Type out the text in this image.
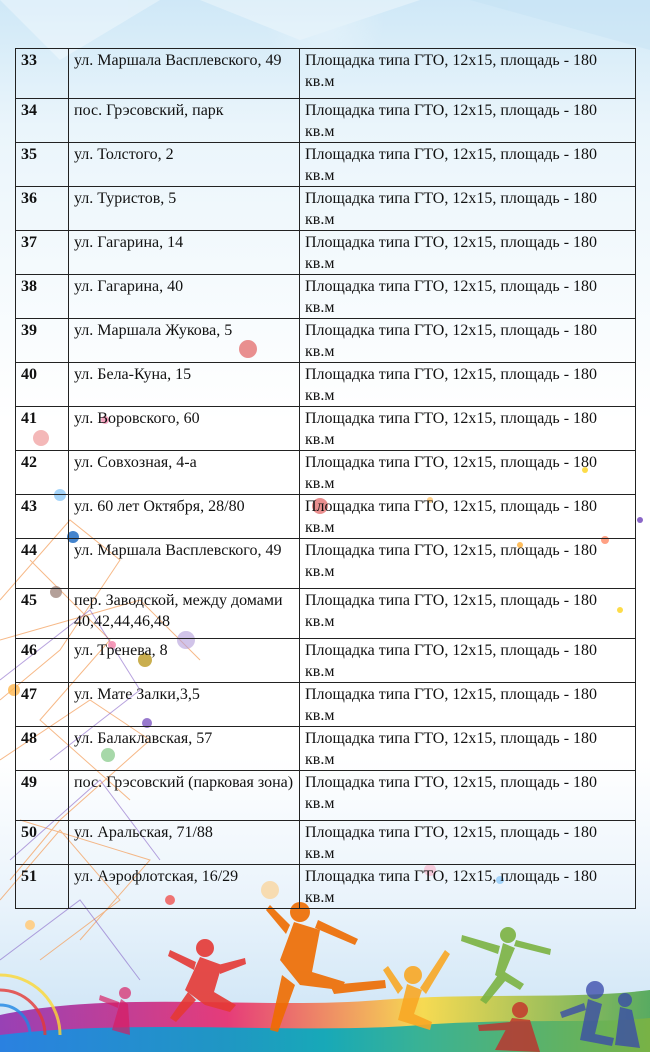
33	ул. Маршала Васплевского, 49	Площадка типа ГТО, 12х15, площадь - 180 кв.м
34	пос. Грэсовский, парк	Площадка типа ГТО, 12х15, площадь - 180 кв.м
35	ул. Толстого, 2	Площадка типа ГТО, 12х15, площадь - 180 кв.м
36	ул. Туристов, 5	Площадка типа ГТО, 12х15, площадь - 180 кв.м
37	ул. Гагарина, 14	Площадка типа ГТО, 12х15, площадь - 180 кв.м
38	ул. Гагарина, 40	Площадка типа ГТО, 12х15, площадь - 180 кв.м
39	ул. Маршала Жукова, 5	Площадка типа ГТО, 12х15, площадь - 180 кв.м
40	ул. Бела-Куна, 15	Площадка типа ГТО, 12х15, площадь - 180 кв.м
41	ул. Воровского, 60	Площадка типа ГТО, 12х15, площадь - 180 кв.м
42	ул. Совхозная, 4-а	Площадка типа ГТО, 12х15, площадь - 180 кв.м
43	ул. 60 лет Октября, 28/80	Площадка типа ГТО, 12х15, площадь - 180 кв.м
44	ул. Маршала Васплевского, 49	Площадка типа ГТО, 12х15, площадь - 180 кв.м
45	пер. Заводской, между домами 40,42,44,46,48	Площадка типа ГТО, 12х15, площадь - 180 кв.м
46	ул. Тренева, 8	Площадка типа ГТО, 12х15, площадь - 180 кв.м
47	ул. Мате Залки,3,5	Площадка типа ГТО, 12х15, площадь - 180 кв.м
48	ул. Балаклавская, 57	Площадка типа ГТО, 12х15, площадь - 180 кв.м
49	пос. Грэсовский (парковая зона)	Площадка типа ГТО, 12х15, площадь - 180 кв.м
50	ул. Аральская, 71/88	Площадка типа ГТО, 12х15, площадь - 180 кв.м
51	ул. Аэрофлотская, 16/29	Площадка типа ГТО, 12х15, площадь - 180 кв.м
